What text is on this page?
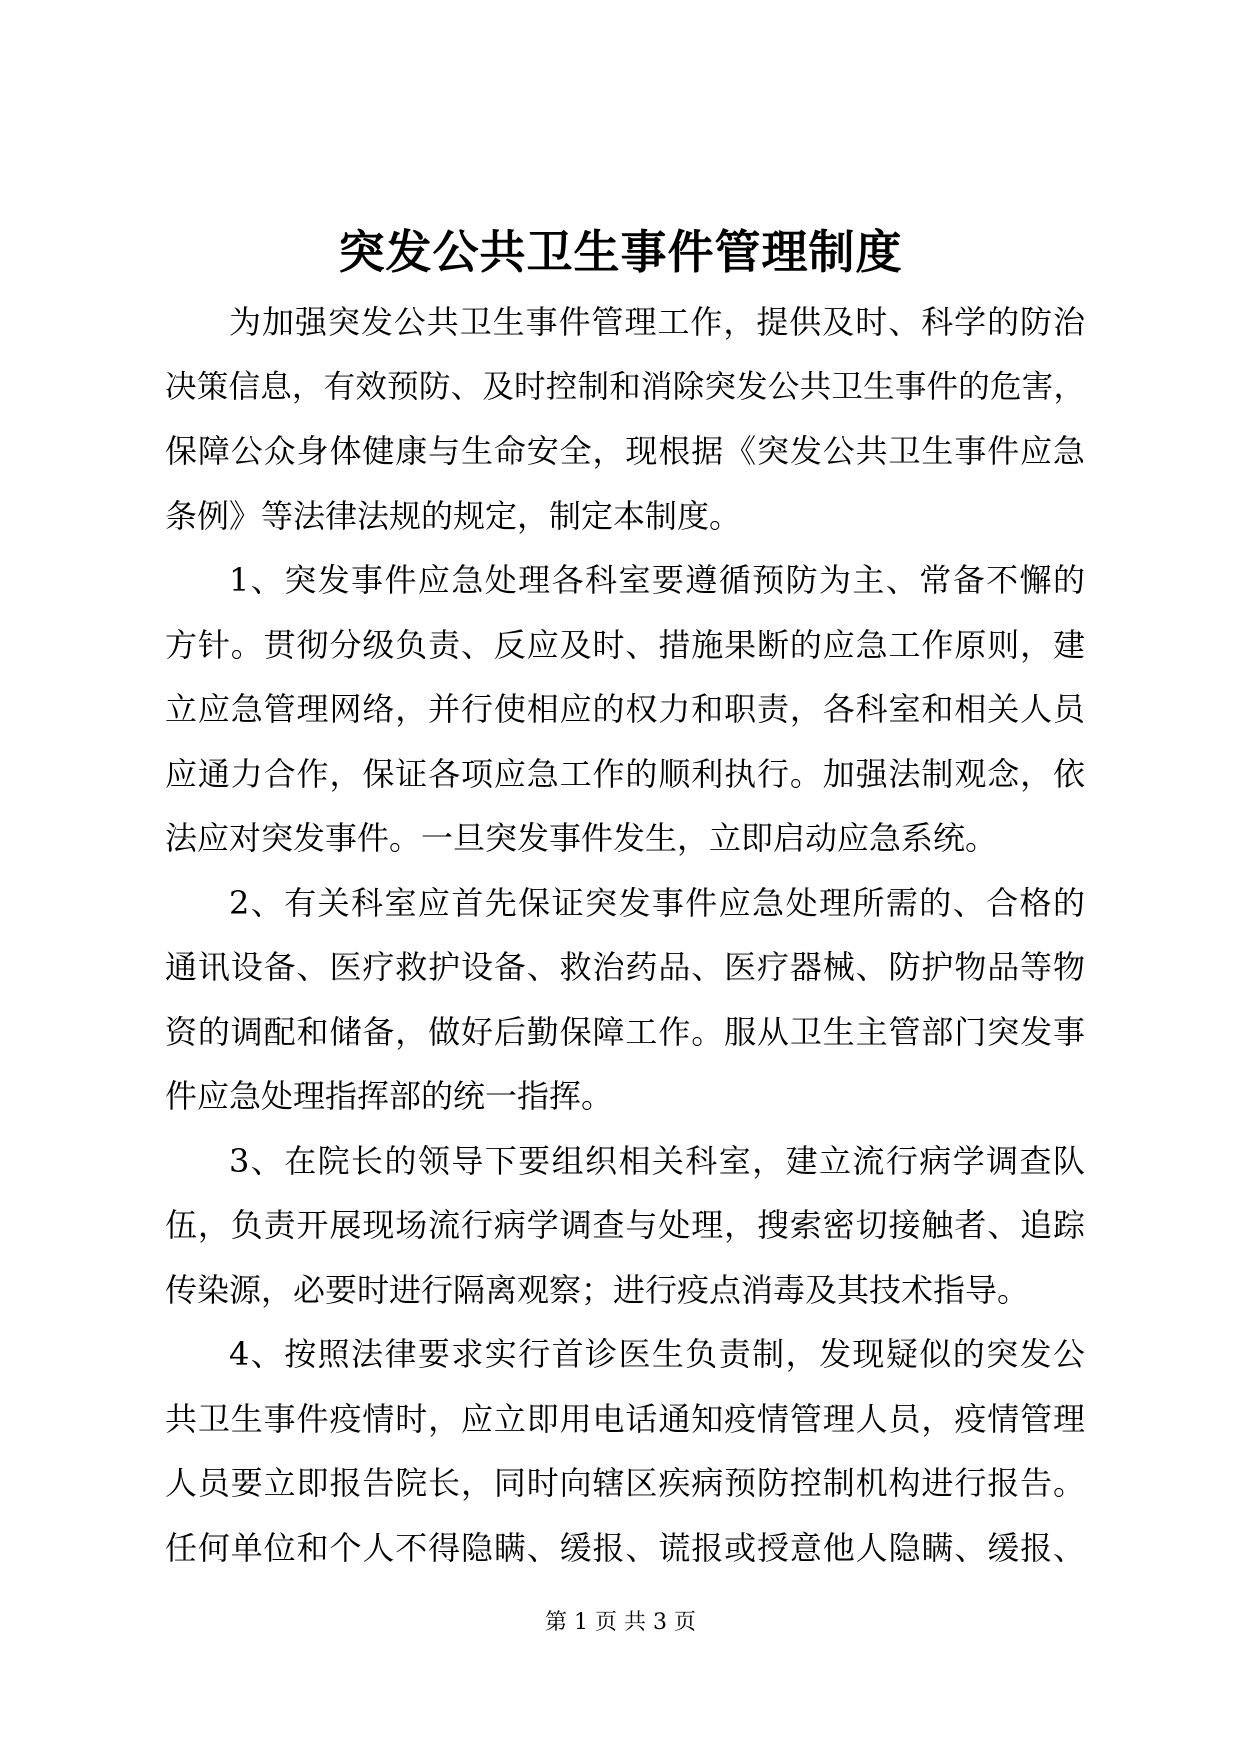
突发公共卫生事件管理制度
为加强突发公共卫生事件管理工作，提供及时、科学的防治
决策信息，有效预防、及时控制和消除突发公共卫生事件的危害，
保障公众身体健康与生命安全，现根据《突发公共卫生事件应急
条例》等法律法规的规定，制定本制度。
1、突发事件应急处理各科室要遵循预防为主、常备不懈的
方针。贯彻分级负责、反应及时、措施果断的应急工作原则，建
立应急管理网络，并行使相应的权力和职责，各科室和相关人员
应通力合作，保证各项应急工作的顺利执行。加强法制观念，依
法应对突发事件。一旦突发事件发生，立即启动应急系统。
2、有关科室应首先保证突发事件应急处理所需的、合格的
通讯设备、医疗救护设备、救治药品、医疗器械、防护物品等物
资的调配和储备，做好后勤保障工作。服从卫生主管部门突发事
件应急处理指挥部的统一指挥。
3、在院长的领导下要组织相关科室，建立流行病学调查队
伍，负责开展现场流行病学调查与处理，搜索密切接触者、追踪
传染源，必要时进行隔离观察；进行疫点消毒及其技术指导。
4、按照法律要求实行首诊医生负责制，发现疑似的突发公
共卫生事件疫情时，应立即用电话通知疫情管理人员，疫情管理
人员要立即报告院长，同时向辖区疾病预防控制机构进行报告。
任何单位和个人不得隐瞒、缓报、谎报或授意他人隐瞒、缓报、
第 1 页 共 3 页
